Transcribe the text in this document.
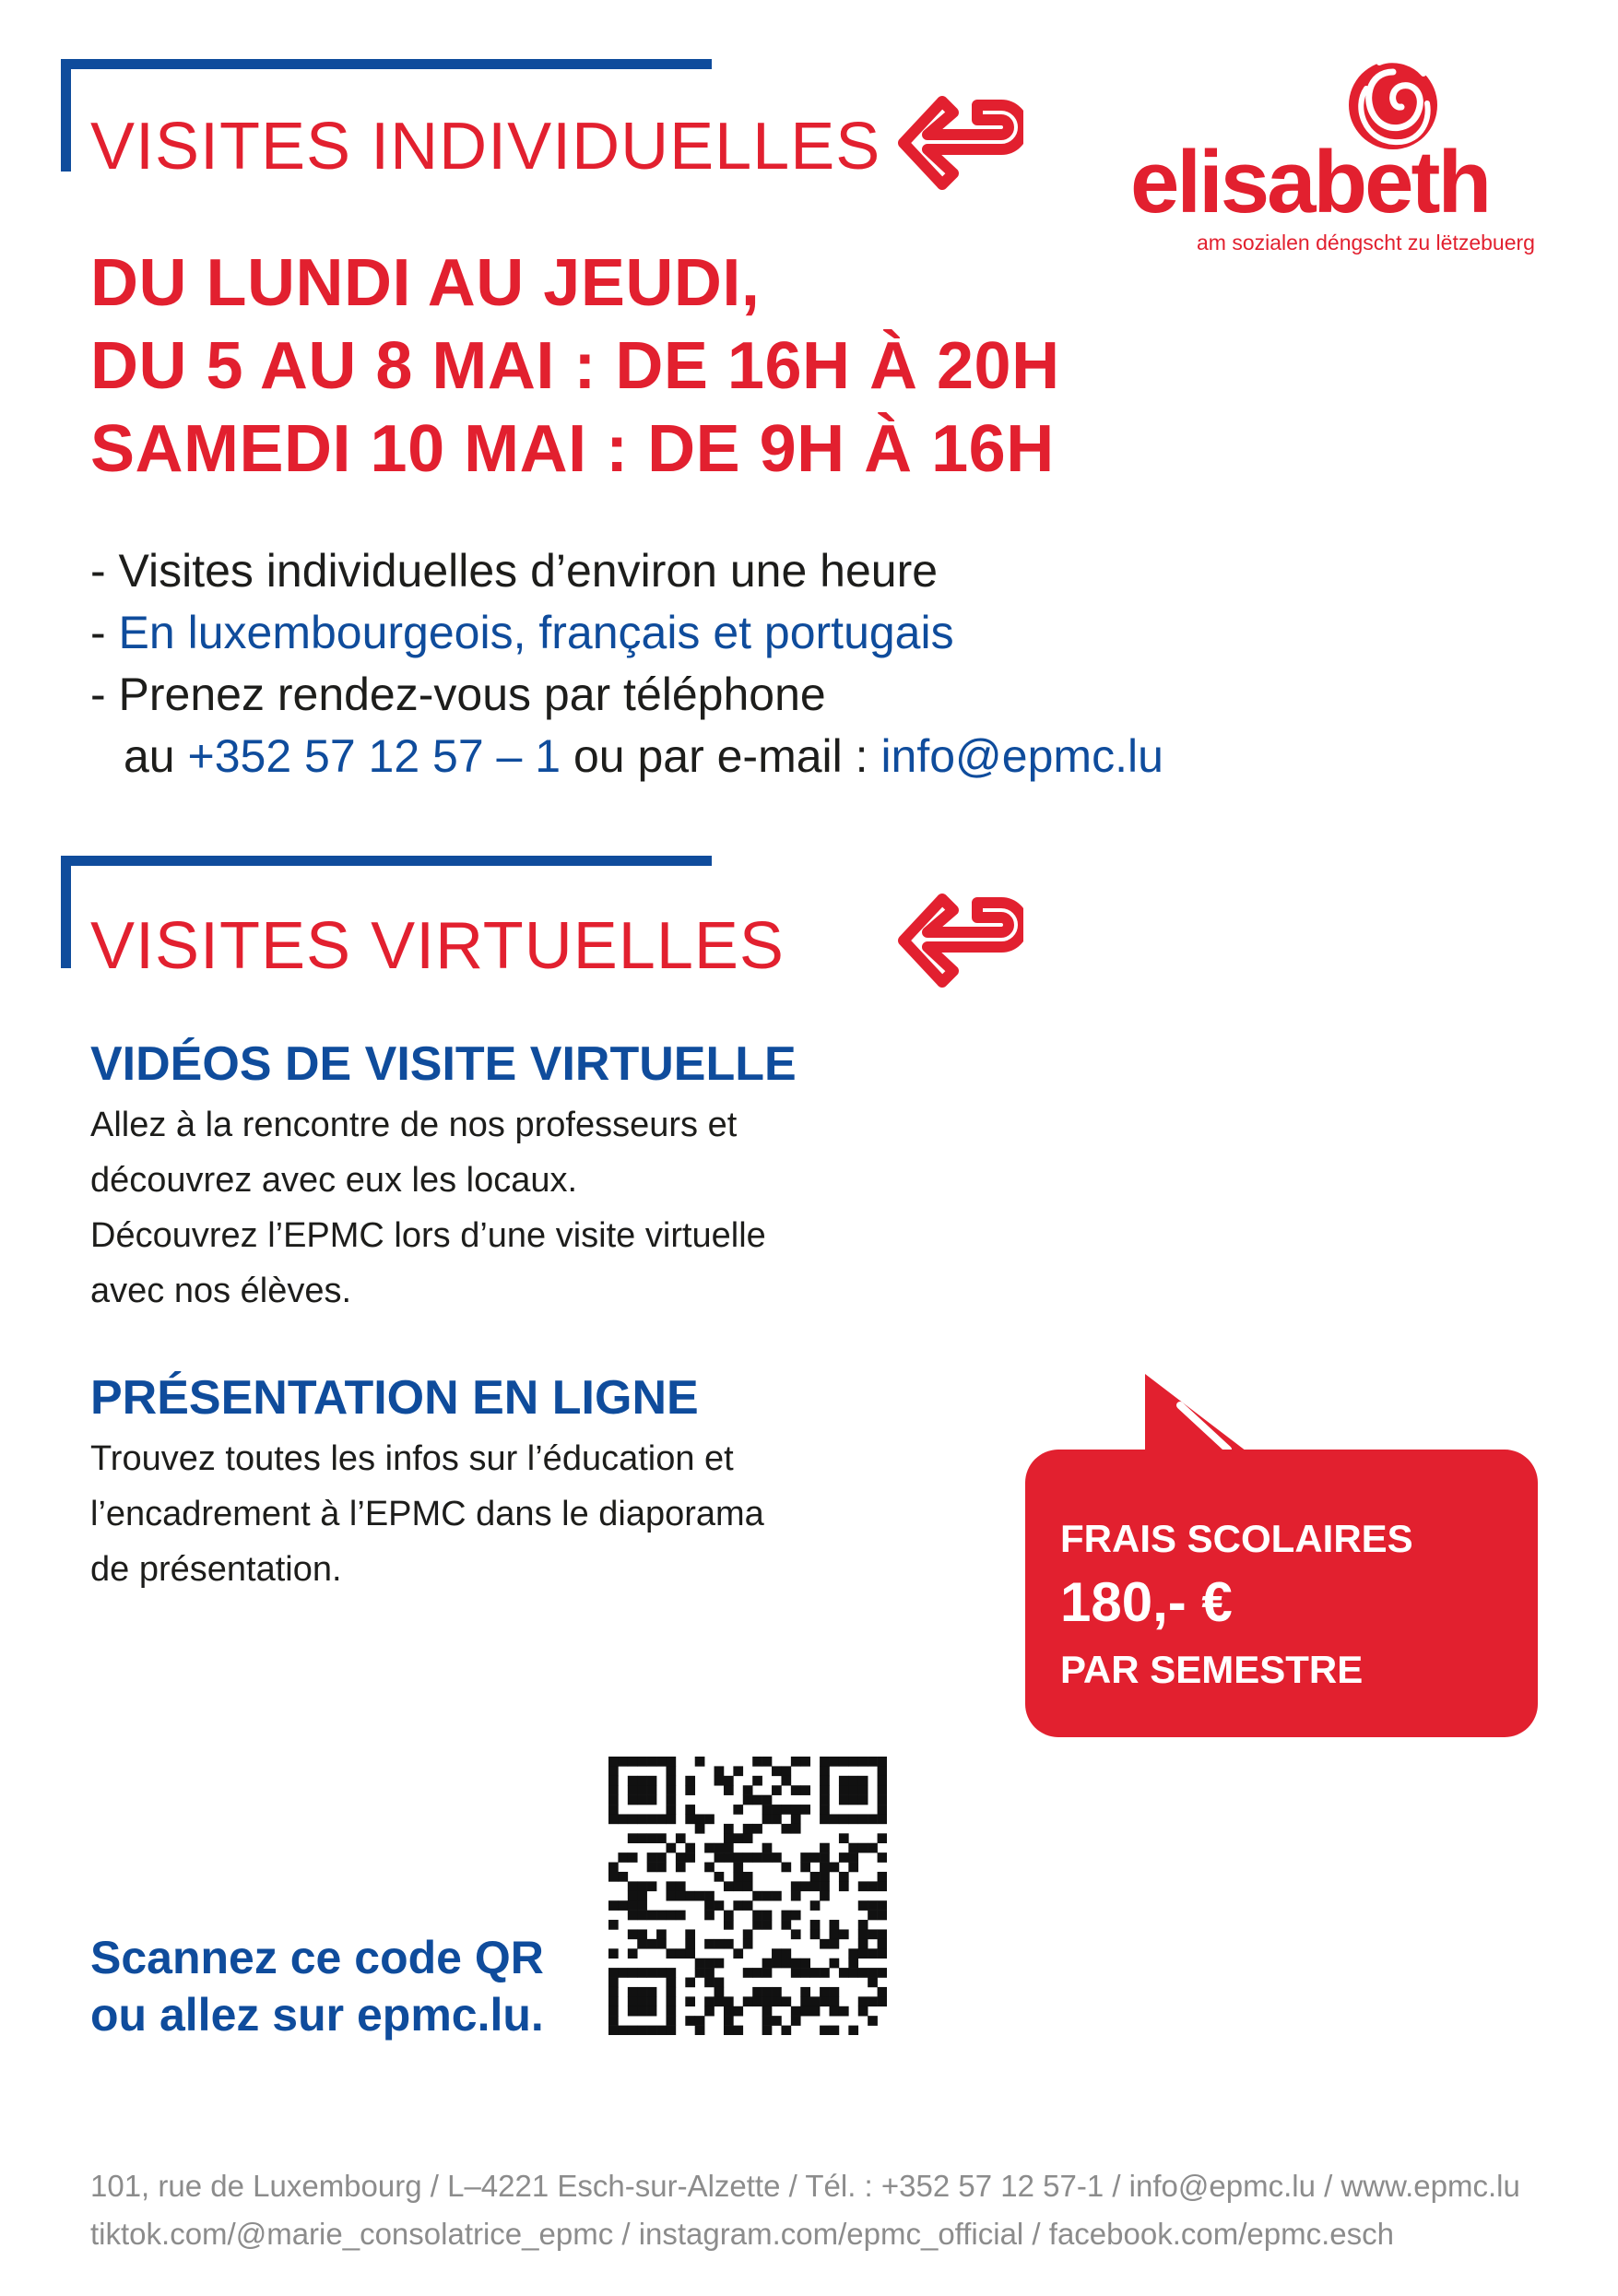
VISITES INDIVIDUELLES	elisabeth
am sozialen déngscht zu lëtzebuerg
DU LUNDI AU JEUDI,
DU 5 AU 8 MAI : DE 16H À 20H
SAMEDI 10 MAI : DE 9H À 16H
- Visites individuelles d’environ une heure
- En luxembourgeois, français et portugais
- Prenez rendez-vous par téléphone
au +352 57 12 57 – 1 ou par e-mail : info@epmc.lu
VISITES VIRTUELLES
VIDÉOS DE VISITE VIRTUELLE
Allez à la rencontre de nos professeurs et
découvrez avec eux les locaux.
Découvrez l’EPMC lors d’une visite virtuelle
avec nos élèves.
PRÉSENTATION EN LIGNE
Trouvez toutes les infos sur l’éducation et
l’encadrement à l’EPMC dans le diaporama
de présentation.
FRAIS SCOLAIRES
180,- €
PAR SEMESTRE
Scannez ce code QR
ou allez sur epmc.lu.
101, rue de Luxembourg / L–4221 Esch-sur-Alzette / Tél. : +352 57 12 57-1 / info@epmc.lu / www.epmc.lu
tiktok.com/@marie_consolatrice_epmc / instagram.com/epmc_official / facebook.com/epmc.esch
